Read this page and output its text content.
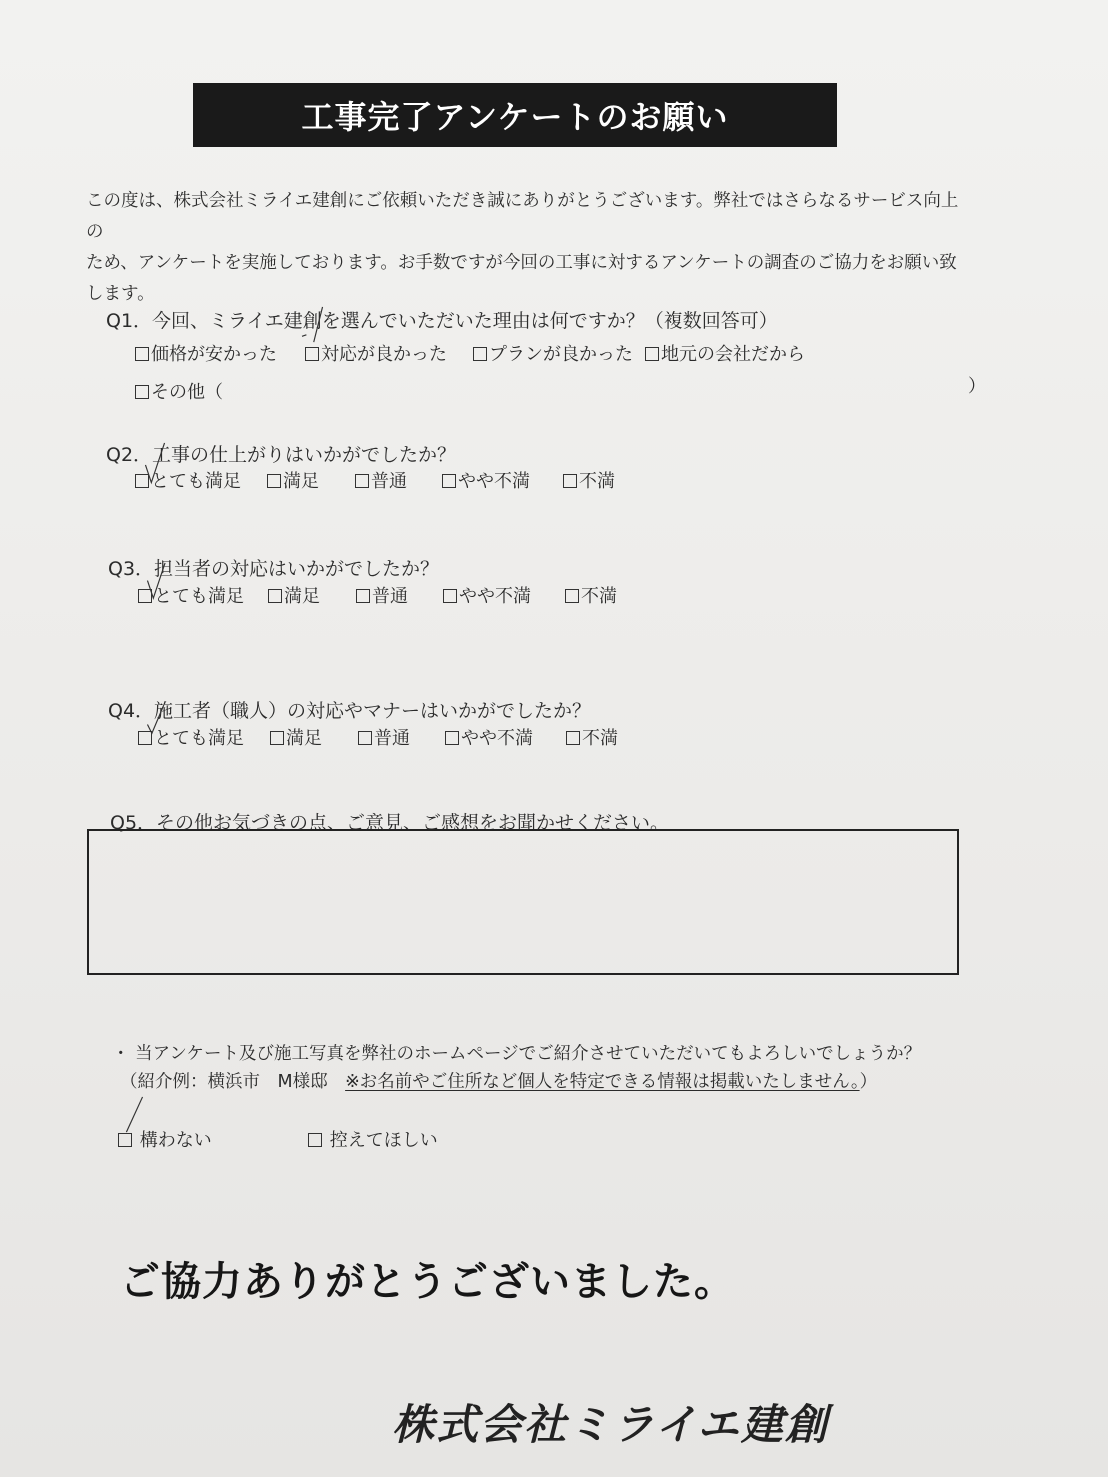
工事完了アンケートのお願い
この度は、株式会社ミライエ建創にご依頼いただき誠にありがとうございます。弊社ではさらなるサービス向上の
ため、アンケートを実施しております。お手数ですが今回の工事に対するアンケートの調査のご協力をお願い致
します。
Q1．今回、ミライエ建創を選んでいただいた理由は何ですか？（複数回答可）
価格が安かった	対応が良かった	プランが良かった	地元の会社だから
その他（	）
Q2．工事の仕上がりはいかがでしたか？
とても満足	満足	普通	やや不満	不満
Q3．担当者の対応はいかがでしたか？
とても満足	満足	普通	やや不満	不満
Q4．施工者（職人）の対応やマナーはいかがでしたか？
とても満足	満足	普通	やや不満	不満
Q5．その他お気づきの点、ご意見、ご感想をお聞かせください。
・ 当アンケート及び施工写真を弊社のホームページでご紹介させていただいてもよろしいでしょうか？
（紹介例：横浜市　M様邸　※お名前やご住所など個人を特定できる情報は掲載いたしません。）
構わない	控えてほしい
ご協力ありがとうございました。
株式会社ミライエ建創
